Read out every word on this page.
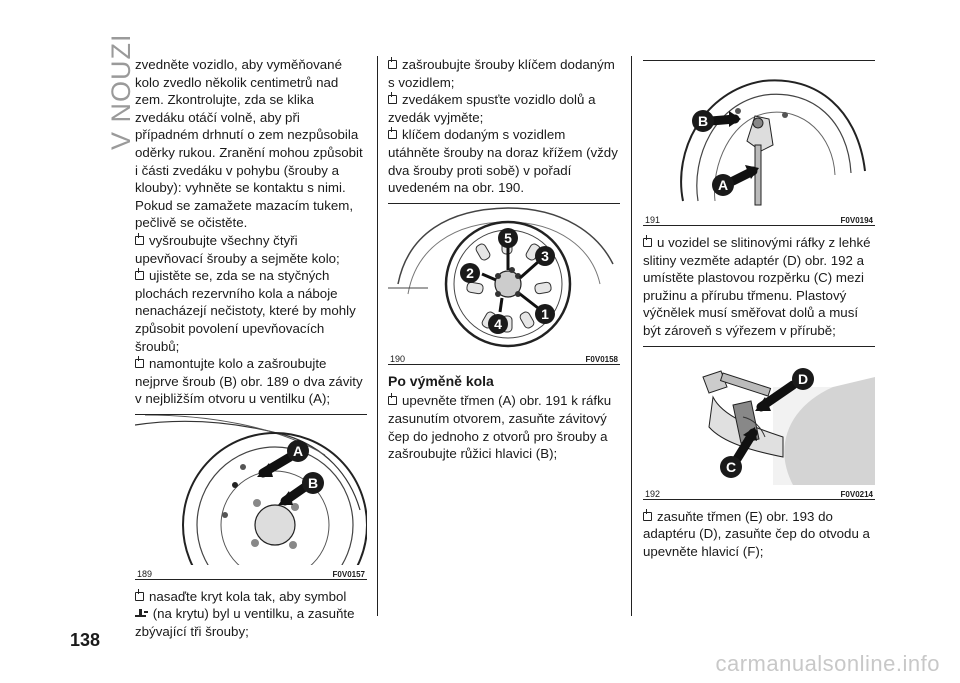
V NOUZI zvedněte vozidlo, aby vyměňované kolo zvedlo několik centimetrů nad zem. Zkontrolujte, zda se klika zvedáku otáčí volně, aby při případném drhnutí o zem nezpůsobila oděrky rukou. Zranění mohou způsobit i části zvedáku v pohybu (šrouby a klouby): vyhněte se kontaktu s nimi. Pokud se zamažete mazacím tukem, pečlivě se očistěte.

vyšroubujte všechny čtyři upevňovací šrouby a sejměte kolo;

ujistěte se, zda se na styčných plochách rezervního kola a náboje nenacházejí nečistoty, které by mohly způsobit povolení upevňovacích šroubů;

namontujte kolo a zašroubujte nejprve šroub (B) obr. 189 o dva závity v nejbližším otvoru u ventilku (A);

A
B
189	F0V0157

nasaďte kryt kola tak, aby symbol

(na krytu) byl u ventilku, a zasuňte zbývající tři šrouby;

zašroubujte šrouby klíčem dodaným s vozidlem;

zvedákem spusťte vozidlo dolů a zvedák vyjměte;

klíčem dodaným s vozidlem utáhněte šrouby na doraz křížem (vždy dva šrouby proti sobě) v pořadí uvedeném na obr. 190.

5
3
2
4
1
190	F0V0158
Po výměně kola

upevněte třmen (A) obr. 191 k ráfku zasunutím otvorem, zasuňte závitový čep do jednoho z otvorů pro šrouby a zašroubujte růžici hlavici (B);

B
A
191	F0V0194

u vozidel se slitinovými ráfky z lehké slitiny vezměte adaptér (D) obr. 192 a umístěte plastovou rozpěrku (C) mezi pružinu a přírubu třmenu. Plastový výčnělek musí směřovat dolů a musí být zároveň s výřezem v přírubě;

D
C
192	F0V0214

zasuňte třmen (E) obr. 193 do adaptéru (D), zasuňte čep do otvodu a upevněte hlavicí (F);

138
carmanualsonline.info
